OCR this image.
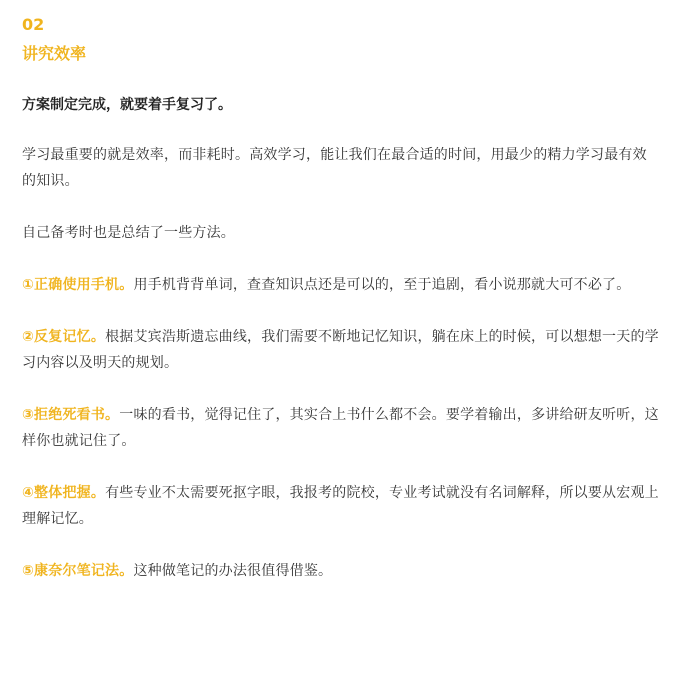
02

讲究效率

方案制定完成，就要着手复习了。

学习最重要的就是效率，而非耗时。高效学习，能让我们在最合适的时间，用最少的精力学习最有效的知识。

自己备考时也是总结了一些方法。

①正确使用手机。用手机背背单词，查查知识点还是可以的，至于追剧，看小说那就大可不必了。

②反复记忆。根据艾宾浩斯遗忘曲线，我们需要不断地记忆知识，躺在床上的时候，可以想想一天的学习内容以及明天的规划。

③拒绝死看书。一味的看书，觉得记住了，其实合上书什么都不会。要学着输出，多讲给研友听听，这样你也就记住了。

④整体把握。有些专业不太需要死抠字眼，我报考的院校，专业考试就没有名词解释，所以要从宏观上理解记忆。

⑤康奈尔笔记法。这种做笔记的办法很值得借鉴。
